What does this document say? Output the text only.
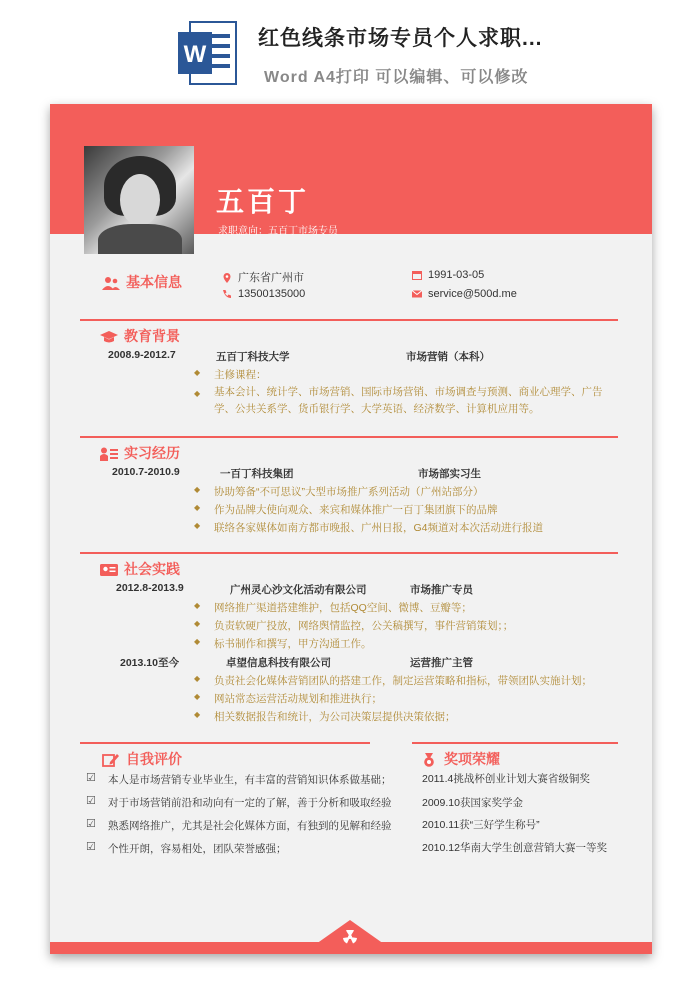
W
红色线条市场专员个人求职...
Word A4打印 可以编辑、可以修改
五百丁
求职意向：五百丁市场专员
基本信息	广东省广州市	1991-03-05
13500135000	service@500d.me
教育背景
2008.9-2012.7	五百丁科技大学	市场营销（本科）
◆ 主修课程：
◆ 基本会计、统计学、市场营销、国际市场营销、市场调查与预测、商业心理学、广告学、公共关系学、货币银行学、大学英语、经济数学、计算机应用等。
实习经历
2010.7-2010.9	一百丁科技集团	市场部实习生
◆ 协助筹备“不可思议”大型市场推广系列活动（广州站部分）
◆ 作为品牌大使向观众、来宾和媒体推广一百丁集团旗下的品牌
◆ 联络各家媒体如南方都市晚报、广州日报，G4频道对本次活动进行报道
社会实践
2012.8-2013.9	广州灵心沙文化活动有限公司	市场推广专员
◆ 网络推广渠道搭建维护，包括QQ空间、微博、豆瓣等；
◆ 负责软硬广投放，网络舆情监控，公关稿撰写，事件营销策划；；
◆ 标书制作和撰写，甲方沟通工作。
2013.10至今	卓望信息科技有限公司	运营推广主管
◆ 负责社会化媒体营销团队的搭建工作，制定运营策略和指标，带领团队实施计划；
◆ 网站常态运营活动规划和推进执行；
◆ 相关数据报告和统计，为公司决策层提供决策依据；
自我评价	奖项荣耀
☑ 本人是市场营销专业毕业生，有丰富的营销知识体系做基础；
☑ 对于市场营销前沿和动向有一定的了解，善于分析和吸取经验
☑ 熟悉网络推广，尤其是社会化媒体方面，有独到的见解和经验
☑ 个性开朗，容易相处，团队荣誉感强；
2011.4挑战杯创业计划大赛省级铜奖
2009.10获国家奖学金
2010.11获“三好学生称号”
2010.12华南大学生创意营销大赛一等奖
